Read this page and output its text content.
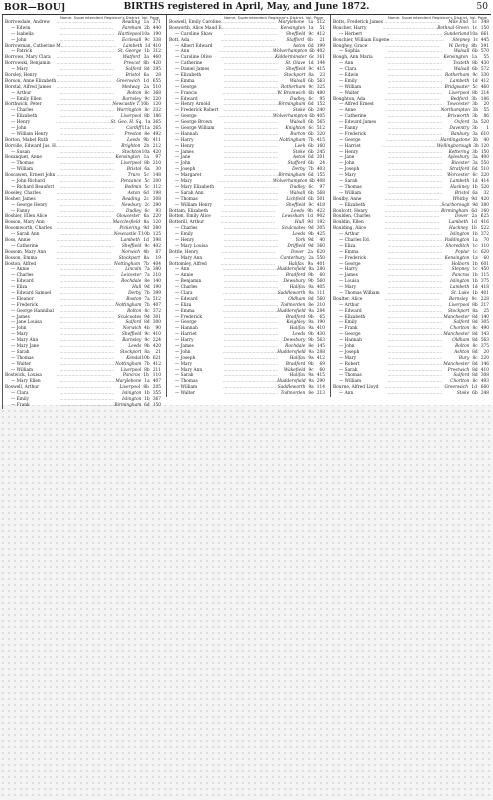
BOR—BOU]	BIRTHS registered in April, May, and June 1872.	50
Name. Superintendent Registrar's District. Vol. Page
Borrowdale, Andrew	........................................	Reading 1a 371
— Edwin	........................................	Fareham 2b 440
— Isabella	........................................ Hartlepool 10a 190
— John	........................................	Ecclesall 9c 338
Borrowman, Catherine M. ........................................	Lambeth 1d 410
— Patrick	........................................ St. George 1b 312
Borrows, Mary Clara	........................................	Watford 3a 460
Borrowski, Benjamin	........................................	Prescot 8b 420
— Mary	........................................	Salford 8d 295
Borsley, Henry	........................................	Bristol 6a	28
Borson, Anne Elizabeth ........................................	Greenwich 1d 655
Borstal, Alfred James	........................................	Medway 2a 510
— Arthur	........................................	Bolton 8c 368
— Emily Ellen	........................................	Barnsley 9c 220
Borthwick, Peter	........................................ Newcastle T. 10b 120
— Charles	........................................ Warrington 8c 332
— Elizabeth	........................................	Liverpool 8b 186
— Henry	........................................ St. Geo. H. Sq. 1a 365
— John	........................................	Cardiff 11a 265
— William Henry	........................................	Preston 8e 492
Borton, Mabel Ruth	........................................	Leeds 9b 411
Borville, Edward Jas. H. ........................................	Brighton 2b 212
— Susan	........................................	Stockton 10a 420
Bosanquet, Anne	........................................	Kensington 1a	97
— Thomas	........................................	Liverpool 8b 210
— William	........................................	Bristol 6a	30
Boscawen, Ernest John ........................................	Truro 5c 148
— John Richard	........................................	Penzance 5c 200
— Richard Beaufort	........................................	Bodmin 5c 112
Boseley, Charles	........................................	Aston 6d 198
Bosher, James	........................................	Reading 2c 308
— George Henry	........................................	Newbury 2c 290
— Fanny	........................................	Dudley 6c	93
Boshier, Ellen Alice	........................................	Gloucester 6a 220
Bosson, Mary Ann	........................................ Macclesfield 8a 120
Bosomworth, Charles	........................................	Pickering 9d 380
— Sarah Ann	........................................ Newcastle T. 10b 125
Boss, Annie	........................................	Lambeth 1d 398
— Catherine	........................................	Sheffield 9c 402
Bossom, Mary Ann	........................................	Norwich 4b	87
Bosson, Emma	........................................	Stockport 8a	19
Boston, Alfred	........................................ Nottingham 7b 404
— Annie	........................................	Lincoln 7a 380
— Charles	........................................	Leicester 7a 210
— Edward	........................................	Rochdale 8e 140
— Eliza	........................................	Hull 9d 190
— Edward Samuel	........................................	Derby 7b 399
— Eleanor	........................................	Boston 7a 512
— Frederick	........................................ Nottingham 7b 407
— George Hannibal	........................................	Bolton 8c 372
— James	........................................ Sculcoates 9d 301
— Jane Louisa	........................................	Salford 8d 300
— John	........................................	Norwich 4b	90
— Mary	........................................	Sheffield 9c 410
— Mary Ann	........................................	Barnsley 9c 224
— Mary Jane	........................................	Leeds 9b 420
— Sarah	........................................	Stockport 8a	21
— Thomas	........................................	Kendal 10b 621
— Walter	........................................ Nottingham 7b 412
— William	........................................	Liverpool 8b 211
Bostwick, Louisa	........................................	Pancras 1b 110
— Mary Ellen	........................................ Marylebone 1a 407
Boswell, Arthur	........................................	Liverpool 8b 205
— Clara	........................................	Islington 1b 355
— Emily	........................................	Islington 1b 367
— Frank	........................................ Birmingham 6d 150
Name. Superintendent Registrar's District. Vol. Page
Boswell, Emily Caroline ........................................ Marylebone 1a 512
Bosworth, Alice Maud E. ........................................ Kensington 1a	51
— Caroline Shaw	........................................	Sheffield 9c 412
Bott, Ada	........................................	Stafford 6b	21
— Albert Edward	........................................	Aston 6d 199
— Ann	........................................ Wolverhampton 6b 402
— Caroline Olive	........................................ Kidderminster 6c 161
— Catherine	........................................	St. Olave 1d 144
— Daniel James	........................................	Sheffield 9c 415
— Elizabeth	........................................	Stockport 8a	23
— Emma	........................................	Walsall 6b 563
— George	........................................ Rotherham 9c 325
— Francis	........................................ W. Bromwich 6b 480
— Edward	........................................	Dudley 6c	95
— Henry Arnold	........................................ Birmingham 6d 152
— Frederick Robert	........................................	Stoke 6b 240
— George	........................................ Wolverhampton 6b 405
— George Brown	........................................	Walsall 6b 565
— George William	........................................	Knighton 6c 512
— Hannah	........................................	Burton 6b 320
— Harry	........................................ Nottingham 7b 415
— Henry	........................................	Leek 6b 160
— James	........................................	Stoke 6b 245
— Jane	........................................	Aston 6d 201
— John	........................................	Stafford 6b	24
— Joseph	........................................	Derby 7b 403
— Margaret	........................................ Birmingham 6d 155
— Mary	........................................ Wolverhampton 6b 408
— Mary Elizabeth	........................................	Dudley 6c	97
— Sarah Ann	........................................	Walsall 6b 568
— Thomas	........................................	Lichfield 6b 501
— William Henry	........................................	Sheffield 9c 418
Bottam, Elizabeth	........................................	Leeds 9b 422
Botten, Emily Alice	........................................	Lewisham 1d 902
Botterill, Arthur	........................................	Hull 9d 192
— Charles	........................................ Sculcoates 9d 305
— Emily	........................................	Leeds 9b 425
— Henry	........................................	York 9d	40
— Mary Louisa	........................................	Driffield 9d 360
Bottle, Henry	........................................	Dover 2a 620
— Mary Ann	........................................ Canterbury 2a 550
Bottomley, Alfred	........................................	Halifax 9a 401
— Ann	........................................ Huddersfield 9a 280
— Annie	........................................	Bradford 9b	60
— Benjamin	........................................	Dewsbury 9b 560
— Charles	........................................	Halifax 9a 405
— Clara	........................................ Saddleworth 9a 111
— Edward	........................................	Oldham 8d 560
— Eliza	........................................ Todmorden 8e 210
— Emma	........................................ Huddersfield 9a 284
— Frederick	........................................	Bradford 9b	65
— George	........................................	Keighley 9a 190
— Hannah	........................................	Halifax 9a 410
— Harriet	........................................	Leeds 9b 430
— Harry	........................................	Dewsbury 9b 563
— James	........................................	Rochdale 8e 145
— John	........................................ Huddersfield 9a 288
— Joseph	........................................	Halifax 9a 412
— Mary	........................................	Bradford 9b	69
— Mary Ann	........................................	Wakefield 9c	60
— Sarah	........................................	Halifax 9a 415
— Thomas	........................................ Huddersfield 9a 290
— William	........................................ Saddleworth 9a 114
— Walter	........................................ Todmorden 8e 213
Name. Superintendent Registrar's District. Vol. Page
Botts, Frederick James ........................................	Mile End 1c 348
Boucher, Harry	........................................ Bethnal Green 1c 150
— Herbert	........................................ Sunderland 10a 661
Bouchier, William Eugene ........................................	Stepney 1c 445
Boughey, Grace	........................................	W. Derby 8b 391
— Sophia	........................................	Walsall 6b 570
Bough, Ann Maria	........................................	Kensington 1a	55
— Ann	........................................	Toxteth 8b 430
— Clara	........................................	Walsall 6b 572
— Edwin	........................................ Rotherham 9c 330
— Emily	........................................	Lambeth 1d 412
— William	........................................ Bridgwater 5c 460
— Walter	........................................	Liverpool 8b 214
Boughton, Ada	........................................	Bedford 3b 186
— Alfred Ernest	........................................	Towcester 3b	20
— Anne	........................................ Northampton 3b	55
— Catherine	........................................	Brixworth 3b	86
— Edward James	........................................	Oxford 3a 520
— Fanny	........................................	Daventry 3b	1
— Frederick	........................................	Banbury 3a 610
— George	........................................ Hardingstone 3b	40
— Harriet	........................................ Wellingborough 3b 120
— Henry	........................................	Kettering 3b 150
— Jane	........................................	Aylesbury 3a 400
— John	........................................	Bicester 3a 550
— Joseph	........................................	Stratford 6d 510
— Mary	........................................	Worcester 6c 220
— Sarah	........................................	Lambeth 1d 414
— Thomas	........................................	Hackney 1b 520
— William	........................................	Bristol 6a	32
Boulby, Anne	........................................	Whitby 9d 420
— Elizabeth	........................................ Scarborough 9d 380
Boulcott, Henry	........................................ Birmingham 6d 160
Boulden, Charles	........................................	Dover 2a 625
Bouldin, Ellen	........................................	Lambeth 1d 416
Boulding, Alice	........................................	Hackney 1b 522
— Arthur	........................................	Islington 1b 372
— Charles Ed.	........................................ Paddington 1a	70
— Eliza	........................................ Shoreditch 1c 110
— Emma	........................................	Poplar 1c 620
— Frederick	........................................ Kensington 1a	60
— George	........................................	Holborn 1b 601
— Harry	........................................	Stepney 1c 450
— James	........................................	Pancras 1b 115
— Louisa	........................................	Islington 1b 375
— Mary	........................................	Lambeth 1d 418
— Thomas William	........................................	St. Luke 1b 401
Boulter, Alice	........................................	Barnsley 9c 228
— Arthur	........................................	Liverpool 8b 217
— Edward	........................................	Stockport 8a	25
— Elizabeth	........................................ Manchester 8d 140
— Emily	........................................	Salford 8d 305
— Frank	........................................	Chorlton 8c 490
— George	........................................ Manchester 8d 143
— Hannah	........................................	Oldham 8d 563
— John	........................................	Bolton 8c 375
— Joseph	........................................	Ashton 8d	20
— Mary	........................................	Bury 8c 220
— Robert	........................................ Manchester 8d 146
— Sarah	........................................	Prestwich 8d 410
— Thomas	........................................	Salford 8d 308
— William	........................................	Chorlton 8c 493
Bourne, Alfred Lloyd	........................................	Greenwich 1d 660
— Ann	........................................	Stoke 6b 248
